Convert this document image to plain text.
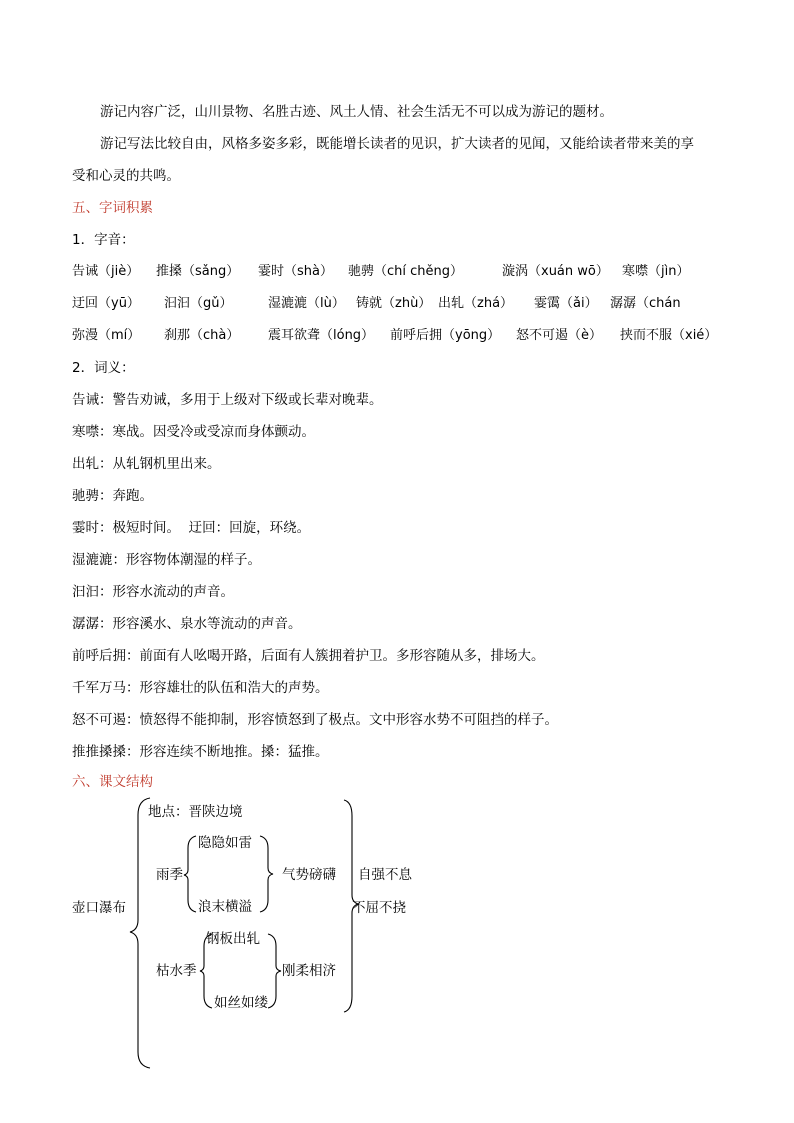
游记内容广泛，山川景物、名胜古迹、风土人情、社会生活无不可以成为游记的题材。
游记写法比较自由，风格多姿多彩，既能增长读者的见识，扩大读者的见闻，又能给读者带来美的享
受和心灵的共鸣。
五、字词积累
1．字音：
告诫（jiè） 推搡（sǎng） 霎时（shà） 驰骋（chí chěng）	漩涡（xuán wō） 寒噤（jìn）
迂回（yū） 汩汩（gǔ）	湿漉漉（lù） 铸就（zhù） 出轧（zhá） 霎霭（ǎi） 潺潺（chán
弥漫（mí） 刹那（chà） 震耳欲聋（lóng） 前呼后拥（yōng） 怒不可遏（è） 挟而不服（xié）
2．词义：
告诫：警告劝诫，多用于上级对下级或长辈对晚辈。
寒噤：寒战。因受冷或受凉而身体颤动。
出轧：从轧钢机里出来。
驰骋：奔跑。
霎时：极短时间。  迂回：回旋，环绕。
湿漉漉：形容物体潮湿的样子。
汩汩：形容水流动的声音。
潺潺：形容溪水、泉水等流动的声音。
前呼后拥：前面有人吆喝开路，后面有人簇拥着护卫。多形容随从多，排场大。
千军万马：形容雄壮的队伍和浩大的声势。
怒不可遏：愤怒得不能抑制，形容愤怒到了极点。文中形容水势不可阻挡的样子。
推推搡搡：形容连续不断地推。搡：猛推。
六、课文结构
壶口瀑布
地点：晋陕边境
雨季
隐隐如雷
浪末横溢
气势磅礴
枯水季
钢板出轧
如丝如缕
刚柔相济
自强不息
不屈不挠
